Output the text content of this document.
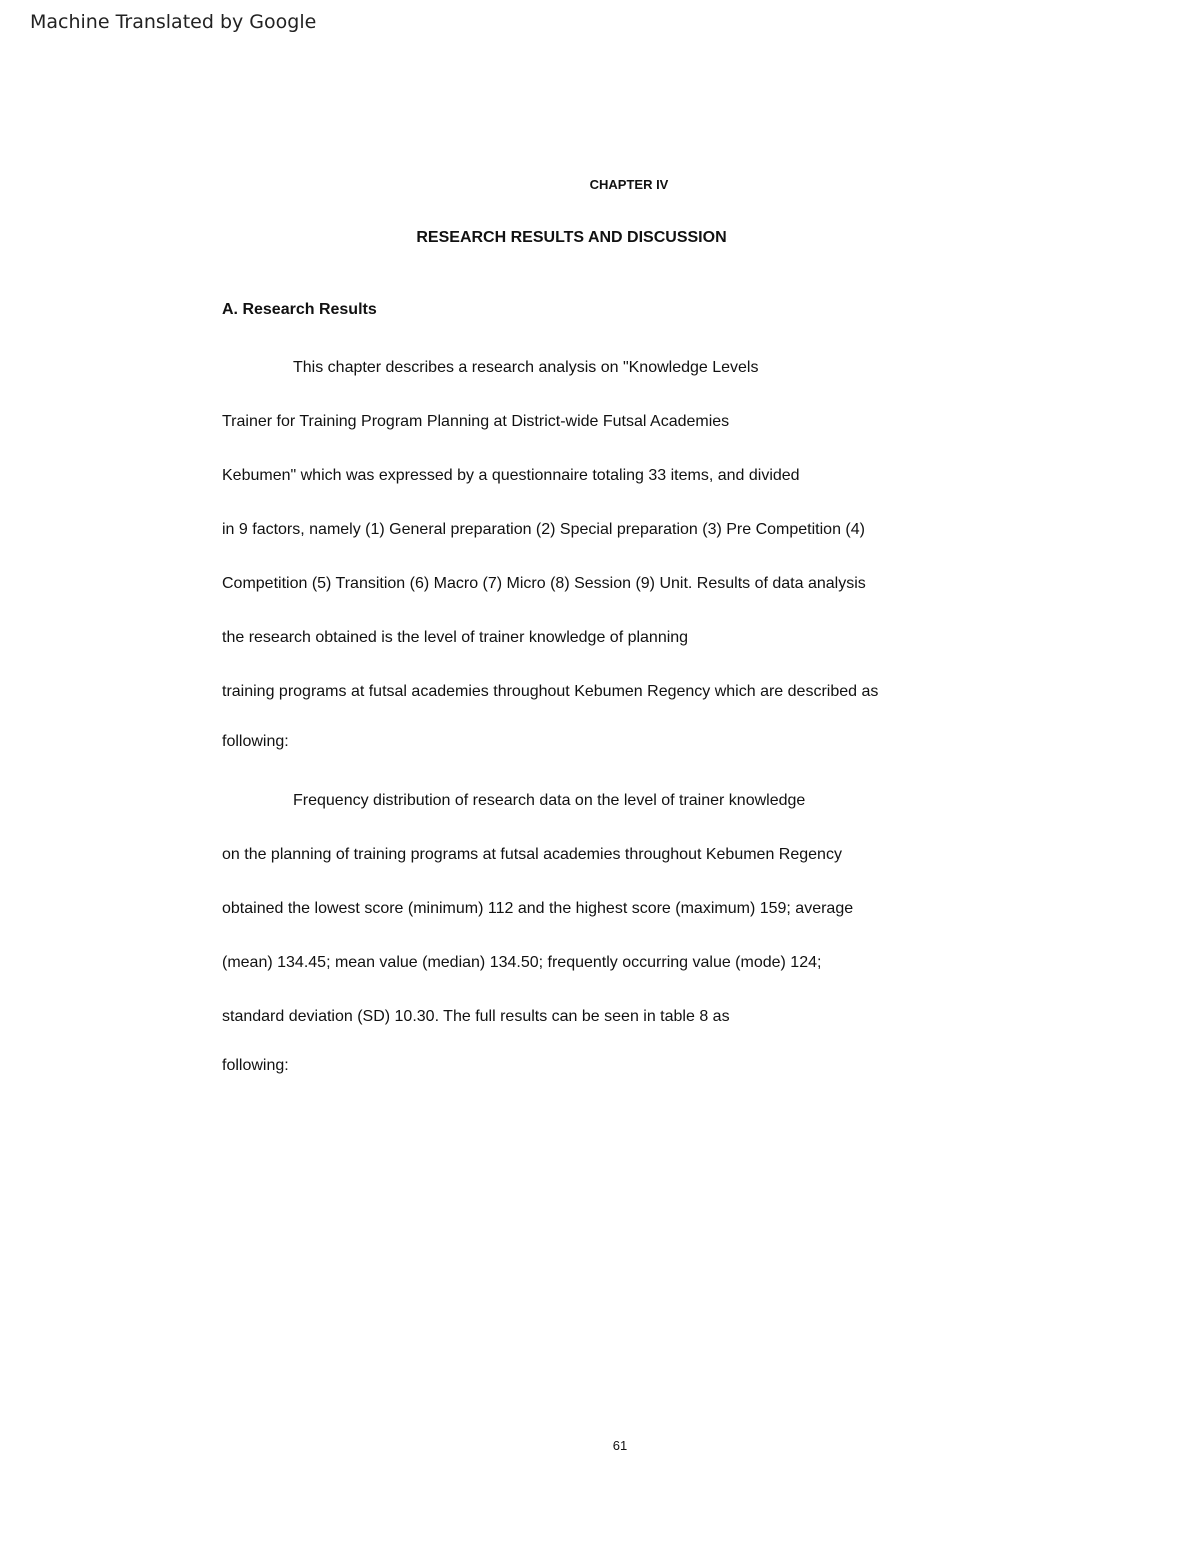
Machine Translated by Google
CHAPTER IV
RESEARCH RESULTS AND DISCUSSION
A. Research Results
This chapter describes a research analysis on "Knowledge Levels
Trainer for Training Program Planning at District-wide Futsal Academies
Kebumen" which was expressed by a questionnaire totaling 33 items, and divided
in 9 factors, namely (1) General preparation (2) Special preparation (3) Pre Competition (4)
Competition (5) Transition (6) Macro (7) Micro (8) Session (9) Unit. Results of data analysis
the research obtained is the level of trainer knowledge of planning
training programs at futsal academies throughout Kebumen Regency which are described as
following:
Frequency distribution of research data on the level of trainer knowledge
on the planning of training programs at futsal academies throughout Kebumen Regency
obtained the lowest score (minimum) 112 and the highest score (maximum) 159; average
(mean) 134.45; mean value (median) 134.50; frequently occurring value (mode) 124;
standard deviation (SD) 10.30. The full results can be seen in table 8 as
following:
61
